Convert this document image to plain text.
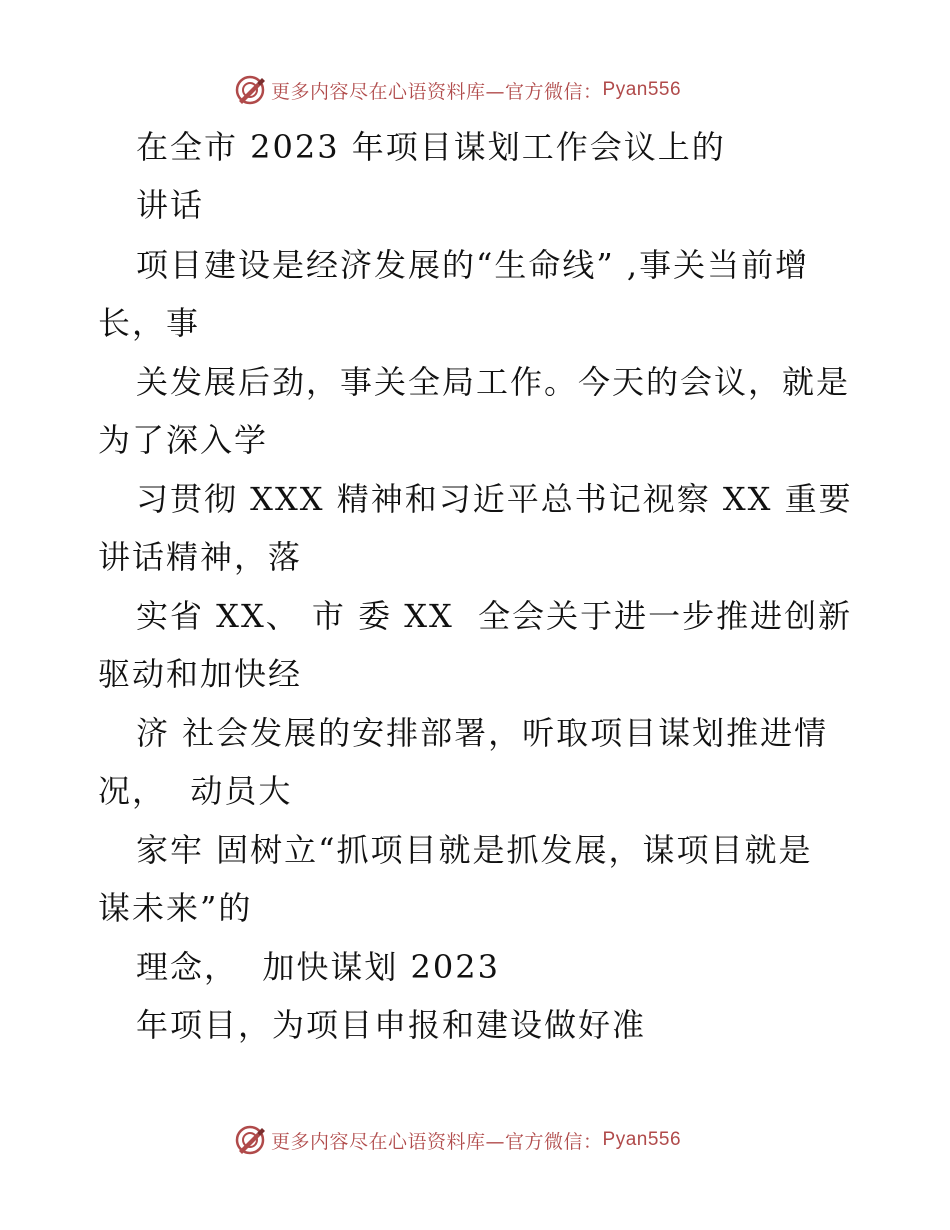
更多内容尽在心语资料库—官方微信： Pyan556
在全市 2023 年项目谋划工作会议上的
讲话
项目建设是经济发展的“生命线” ,事关当前增
长，事
关发展后劲，事关全局工作。今天的会议，就是
为了深入学
习贯彻 XXX 精神和习近平总书记视察 XX 重要
讲话精神，落
实省 XX、 市 委 XX  全会关于进一步推进创新
驱动和加快经
济 社会发展的安排部署，听取项目谋划推进情
况，  动员大
家牢 固树立“抓项目就是抓发展，谋项目就是
谋未来”的
理念，  加快谋划 2023
年项目，为项目申报和建设做好准
更多内容尽在心语资料库—官方微信： Pyan556
